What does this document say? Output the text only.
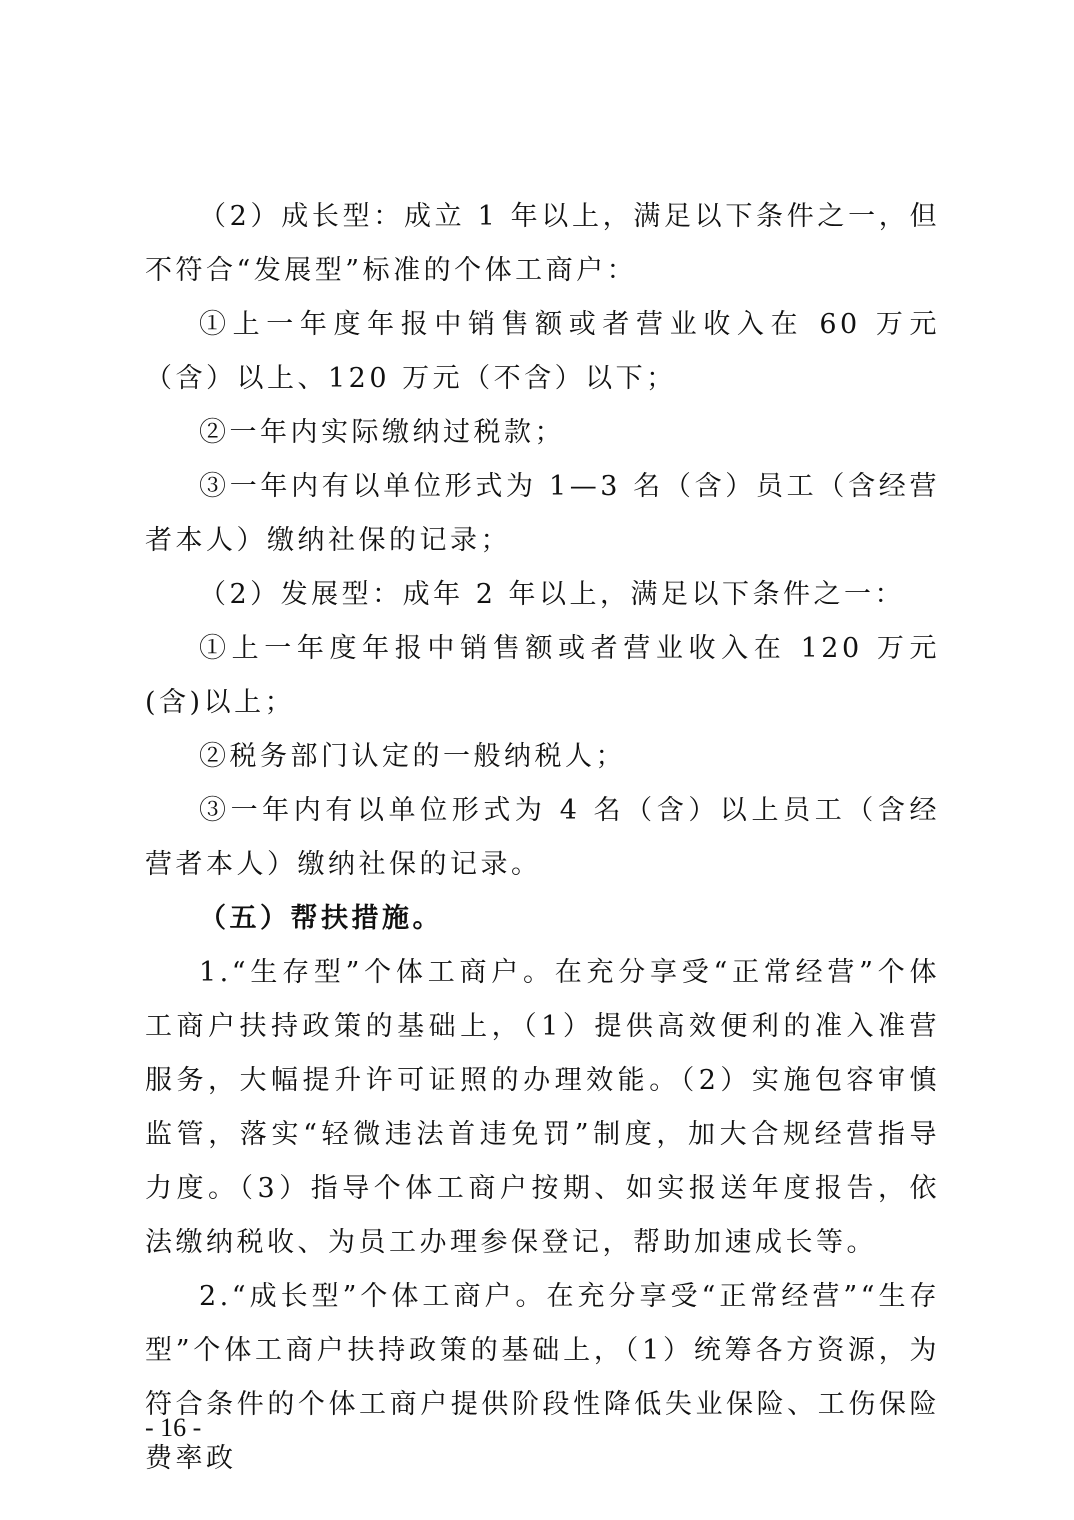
（2）成长型：成立 1 年以上，满足以下条件之一，但不符合“发展型”标准的个体工商户：

①上一年度年报中销售额或者营业收入在 60 万元（含）以上、120 万元（不含）以下；

②一年内实际缴纳过税款；

③一年内有以单位形式为 1—3 名（含）员工（含经营者本人）缴纳社保的记录；

（2）发展型：成年 2 年以上，满足以下条件之一：

①上一年度年报中销售额或者营业收入在 120 万元(含)以上；

②税务部门认定的一般纳税人；

③一年内有以单位形式为 4 名（含）以上员工（含经营者本人）缴纳社保的记录。

（五）帮扶措施。

1.“生存型”个体工商户。在充分享受“正常经营”个体工商户扶持政策的基础上，（1）提供高效便利的准入准营服务，大幅提升许可证照的办理效能。（2）实施包容审慎监管，落实“轻微违法首违免罚”制度，加大合规经营指导力度。（3）指导个体工商户按期、如实报送年度报告，依法缴纳税收、为员工办理参保登记，帮助加速成长等。

2.“成长型”个体工商户。在充分享受“正常经营”“生存型”个体工商户扶持政策的基础上，（1）统筹各方资源，为符合条件的个体工商户提供阶段性降低失业保险、工伤保险费率政

- 16 -
